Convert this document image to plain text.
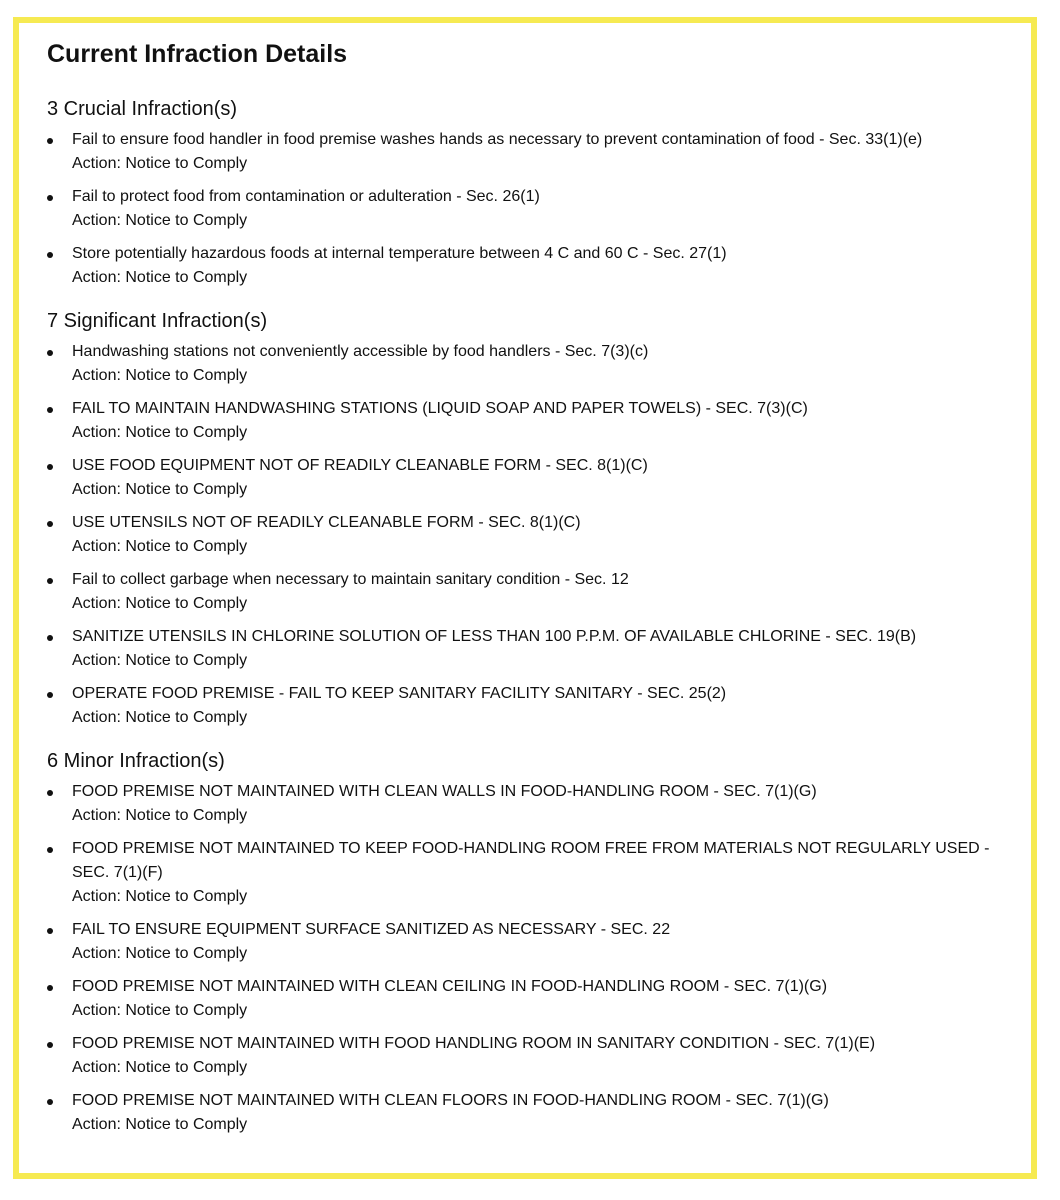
Current Infraction Details
3 Crucial Infraction(s)
Fail to ensure food handler in food premise washes hands as necessary to prevent contamination of food - Sec. 33(1)(e)
Action: Notice to Comply
Fail to protect food from contamination or adulteration - Sec. 26(1)
Action: Notice to Comply
Store potentially hazardous foods at internal temperature between 4 C and 60 C - Sec. 27(1)
Action: Notice to Comply
7 Significant Infraction(s)
Handwashing stations not conveniently accessible by food handlers - Sec. 7(3)(c)
Action: Notice to Comply
FAIL TO MAINTAIN HANDWASHING STATIONS (LIQUID SOAP AND PAPER TOWELS) - SEC. 7(3)(C)
Action: Notice to Comply
USE FOOD EQUIPMENT NOT OF READILY CLEANABLE FORM - SEC. 8(1)(C)
Action: Notice to Comply
USE UTENSILS NOT OF READILY CLEANABLE FORM - SEC. 8(1)(C)
Action: Notice to Comply
Fail to collect garbage when necessary to maintain sanitary condition - Sec. 12
Action: Notice to Comply
SANITIZE UTENSILS IN CHLORINE SOLUTION OF LESS THAN 100 P.P.M. OF AVAILABLE CHLORINE - SEC. 19(B)
Action: Notice to Comply
OPERATE FOOD PREMISE - FAIL TO KEEP SANITARY FACILITY SANITARY - SEC. 25(2)
Action: Notice to Comply
6 Minor Infraction(s)
FOOD PREMISE NOT MAINTAINED WITH CLEAN WALLS IN FOOD-HANDLING ROOM - SEC. 7(1)(G)
Action: Notice to Comply
FOOD PREMISE NOT MAINTAINED TO KEEP FOOD-HANDLING ROOM FREE FROM MATERIALS NOT REGULARLY USED - SEC. 7(1)(F)
Action: Notice to Comply
FAIL TO ENSURE EQUIPMENT SURFACE SANITIZED AS NECESSARY - SEC. 22
Action: Notice to Comply
FOOD PREMISE NOT MAINTAINED WITH CLEAN CEILING IN FOOD-HANDLING ROOM - SEC. 7(1)(G)
Action: Notice to Comply
FOOD PREMISE NOT MAINTAINED WITH FOOD HANDLING ROOM IN SANITARY CONDITION - SEC. 7(1)(E)
Action: Notice to Comply
FOOD PREMISE NOT MAINTAINED WITH CLEAN FLOORS IN FOOD-HANDLING ROOM - SEC. 7(1)(G)
Action: Notice to Comply
